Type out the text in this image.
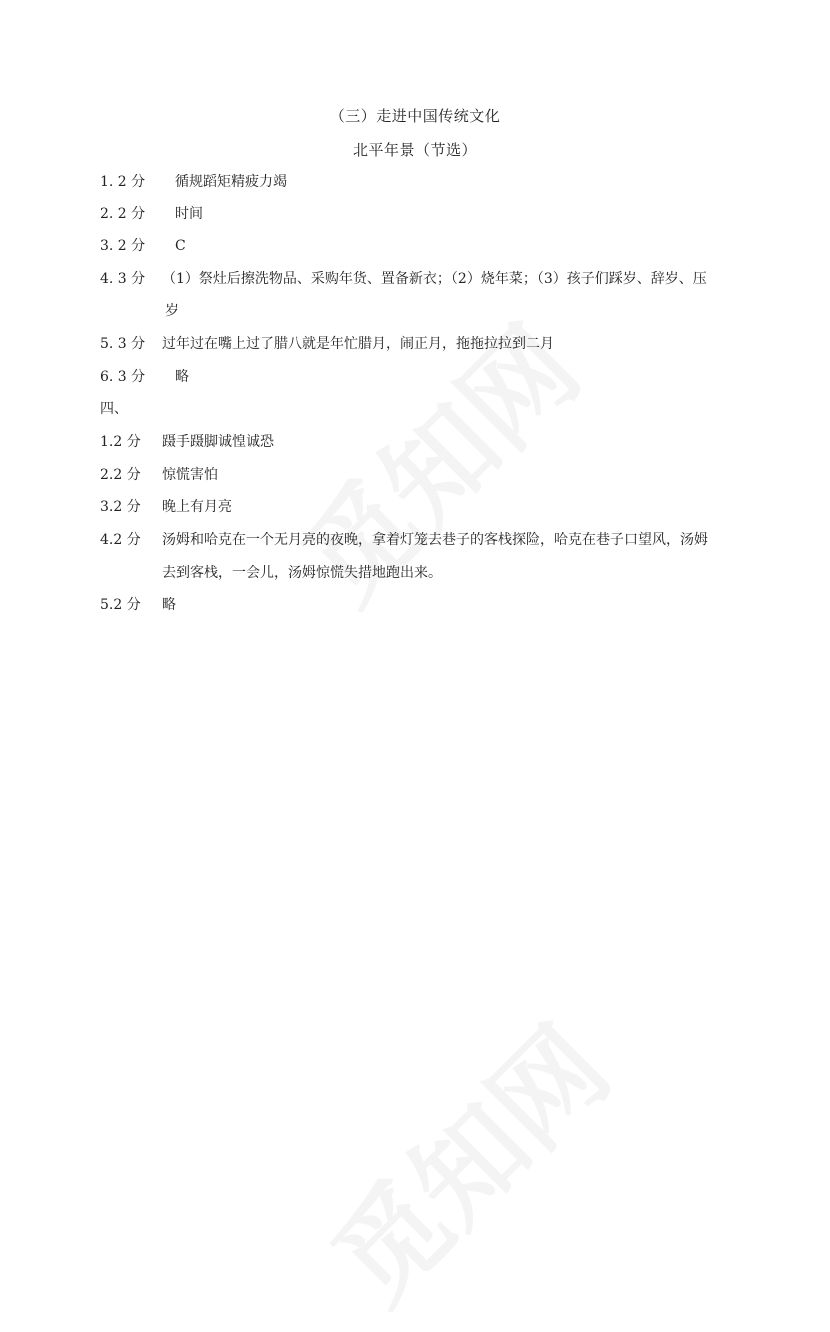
（三）走进中国传统文化
北平年景（节选）
1. 2 分 循规蹈矩精疲力竭
2. 2 分 时间
3. 2 分 C
4. 3 分 （1）祭灶后擦洗物品、采购年货、置备新衣；（2）烧年菜；（3）孩子们踩岁、辞岁、压
岁
5. 3 分 过年过在嘴上过了腊八就是年忙腊月，闹正月，拖拖拉拉到二月
6. 3 分 略
四、
1.2 分 蹑手蹑脚诚惶诚恐
2.2 分 惊慌害怕
3.2 分 晚上有月亮
4.2 分 汤姆和哈克在一个无月亮的夜晚，拿着灯笼去巷子的客栈探险，哈克在巷子口望风，汤姆
去到客栈，一会儿，汤姆惊慌失措地跑出来。
5.2 分 略
